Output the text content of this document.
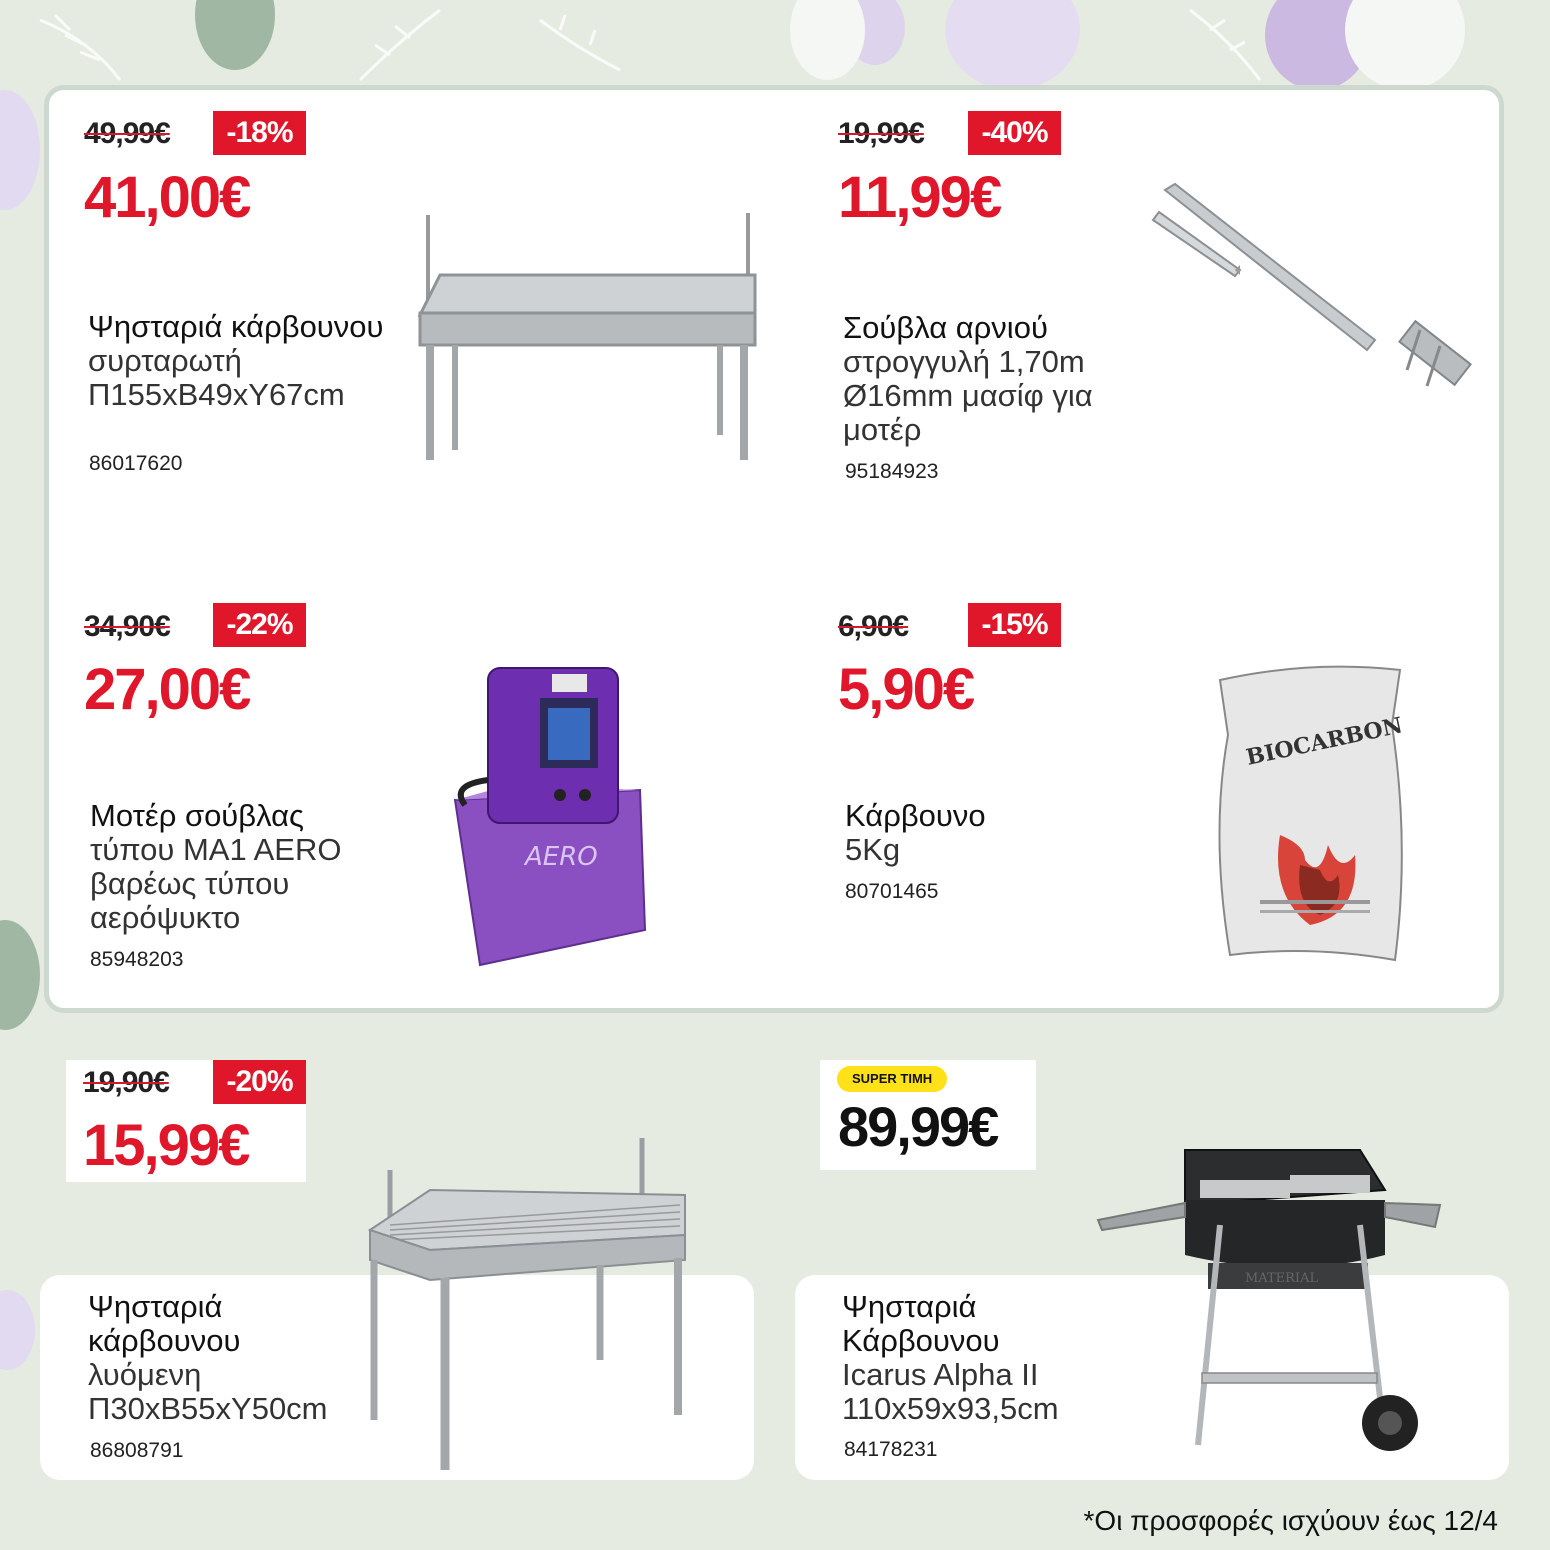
49,99€	-18%
41,00€
Ψησταριά κάρβουνου
συρταρωτή Π155xΒ49xΥ67cm
86017620
19,99€	-40%
11,99€
Σούβλα αρνιού
στρογγυλή 1,70m Ø16mm μασίφ για μοτέρ
95184923
34,90€	-22%
27,00€
Μοτέρ σούβλας
τύπου MA1 AERO βαρέως τύπου αερόψυκτο
85948203
AERO
6,90€	-15%
5,90€
Κάρβουνο
5Kg
80701465
BIOCARBON
19,90€	-20%
15,99€
Ψησταριά κάρβουνου
λυόμενη Π30xΒ55xΥ50cm
86808791
SUPER ΤΙΜΗ
89,99€
Ψησταριά Κάρβουνου
Icarus Alpha II 110x59x93,5cm
84178231
MATERIAL
*Οι προσφορές ισχύουν έως 12/4
